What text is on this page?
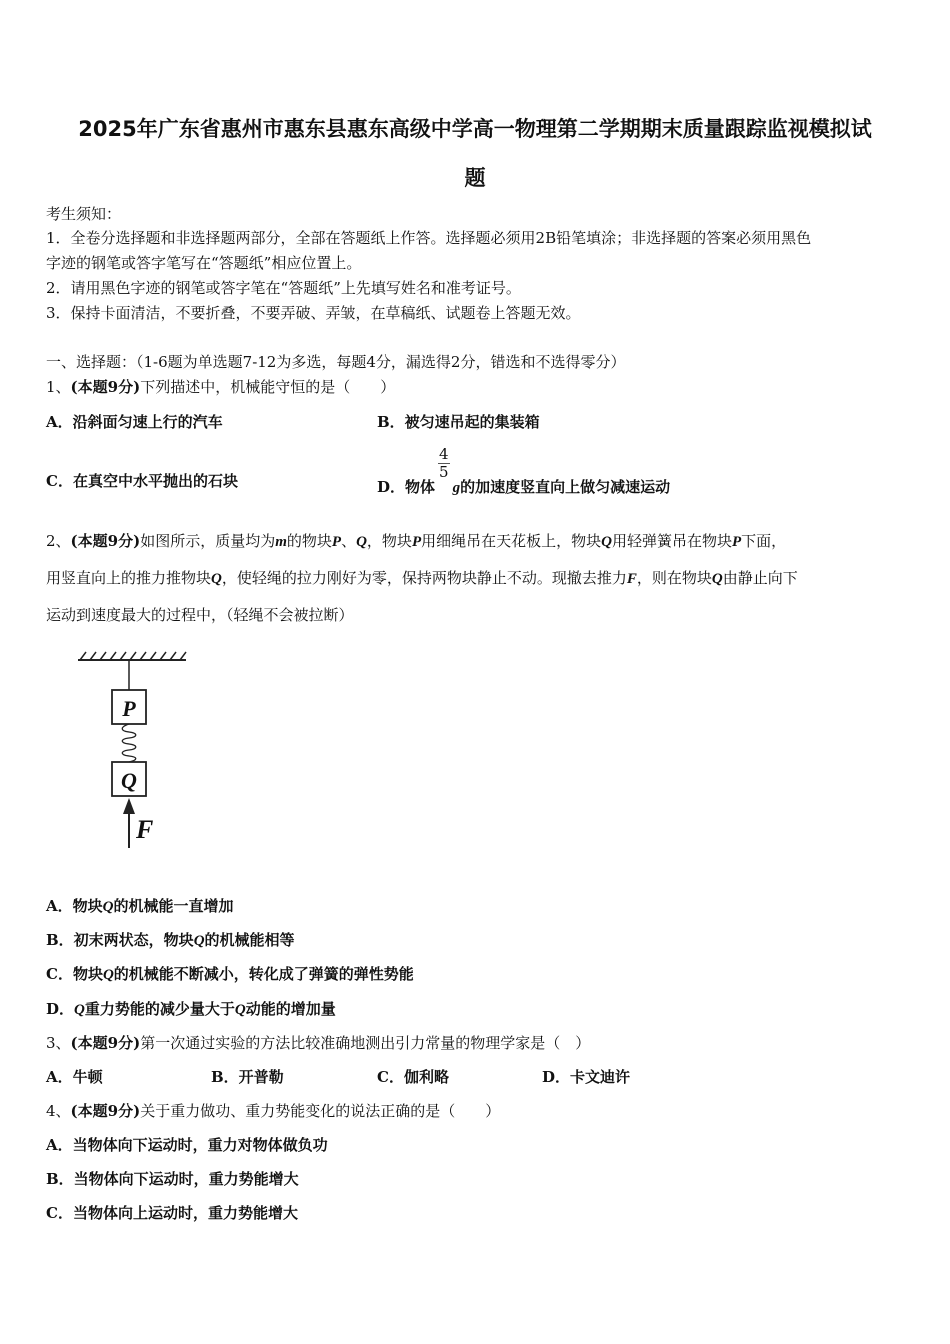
2025年广东省惠州市惠东县惠东高级中学高一物理第二学期期末质量跟踪监视模拟试
题
考生须知：
1．全卷分选择题和非选择题两部分，全部在答题纸上作答。选择题必须用2B铅笔填涂；非选择题的答案必须用黑色
字迹的钢笔或答字笔写在“答题纸”相应位置上。
2．请用黑色字迹的钢笔或答字笔在“答题纸”上先填写姓名和准考证号。
3．保持卡面清洁，不要折叠，不要弄破、弄皱，在草稿纸、试题卷上答题无效。
一、选择题：（1-6题为单选题7-12为多选，每题4分，漏选得2分，错选和不选得零分）
1、(本题9分)下列描述中，机械能守恒的是（　　）
A．沿斜面匀速上行的汽车	B．被匀速吊起的集装箱
C．在真空中水平抛出的石块	D．物体
$\frac{4}{5}$
g的加速度竖直向上做匀减速运动
2、(本题9分)如图所示，质量均为m的物块P、Q，物块P用细绳吊在天花板上，物块Q用轻弹簧吊在物块P下面，
用竖直向上的推力推物块Q，使轻绳的拉力刚好为零，保持两物块静止不动。现撤去推力F，则在物块Q由静止向下
运动到速度最大的过程中，（轻绳不会被拉断）
P
Q
F
A．物块Q的机械能一直增加
B．初末两状态，物块Q的机械能相等
C．物块Q的机械能不断减小，转化成了弹簧的弹性势能
D．Q重力势能的减少量大于Q动能的增加量
3、(本题9分)第一次通过实验的方法比较准确地测出引力常量的物理学家是（　）
A．牛顿	B．开普勒	C．伽利略	D．卡文迪许
4、(本题9分)关于重力做功、重力势能变化的说法正确的是（　　）
A．当物体向下运动时，重力对物体做负功
B．当物体向下运动时，重力势能增大
C．当物体向上运动时，重力势能增大
